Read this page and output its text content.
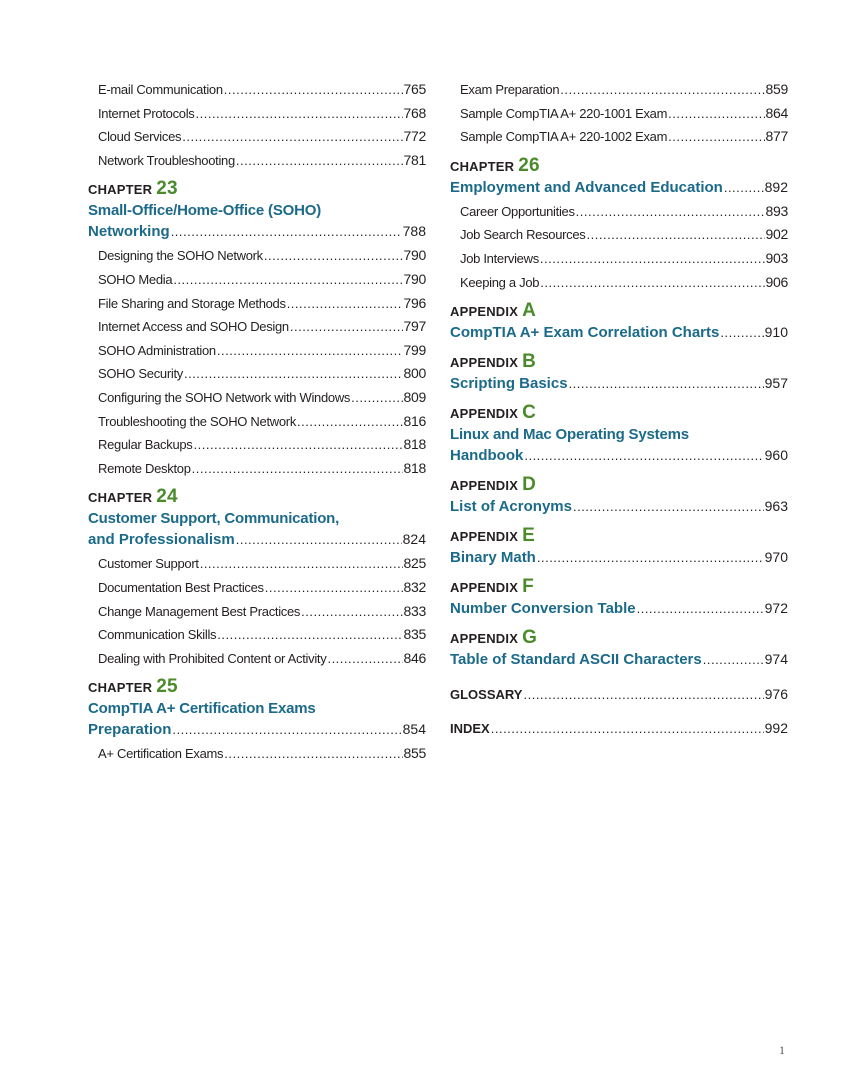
E-mail Communication .....	765
Internet Protocols .....	768
Cloud Services .....	772
Network Troubleshooting .....	781
CHAPTER 23
Small-Office/Home-Office (SOHO)
Networking .....	788
Designing the SOHO Network .....	790
SOHO Media .....	790
File Sharing and Storage Methods .....	796
Internet Access and SOHO Design .....	797
SOHO Administration .....	799
SOHO Security .....	800
Configuring the SOHO Network with Windows .....	809
Troubleshooting the SOHO Network .....	816
Regular Backups .....	818
Remote Desktop .....	818
CHAPTER 24
Customer Support, Communication,
and Professionalism .....	824
Customer Support .....	825
Documentation Best Practices .....	832
Change Management Best Practices .....	833
Communication Skills .....	835
Dealing with Prohibited Content or Activity .....	846
CHAPTER 25
CompTIA A+ Certification Exams
Preparation .....	854
A+ Certification Exams .....	855
Exam Preparation .....	859
Sample CompTIA A+ 220-1001 Exam .....	864
Sample CompTIA A+ 220-1002 Exam .....	877
CHAPTER 26
Employment and Advanced Education .....	892
Career Opportunities .....	893
Job Search Resources .....	902
Job Interviews .....	903
Keeping a Job .....	906
APPENDIX A
CompTIA A+ Exam Correlation Charts .....	910
APPENDIX B
Scripting Basics .....	957
APPENDIX C
Linux and Mac Operating Systems
Handbook .....	960
APPENDIX D
List of Acronyms .....	963
APPENDIX E
Binary Math .....	970
APPENDIX F
Number Conversion Table .....	972
APPENDIX G
Table of Standard ASCII Characters .....	974
GLOSSARY .....	976
INDEX .....	992
1
